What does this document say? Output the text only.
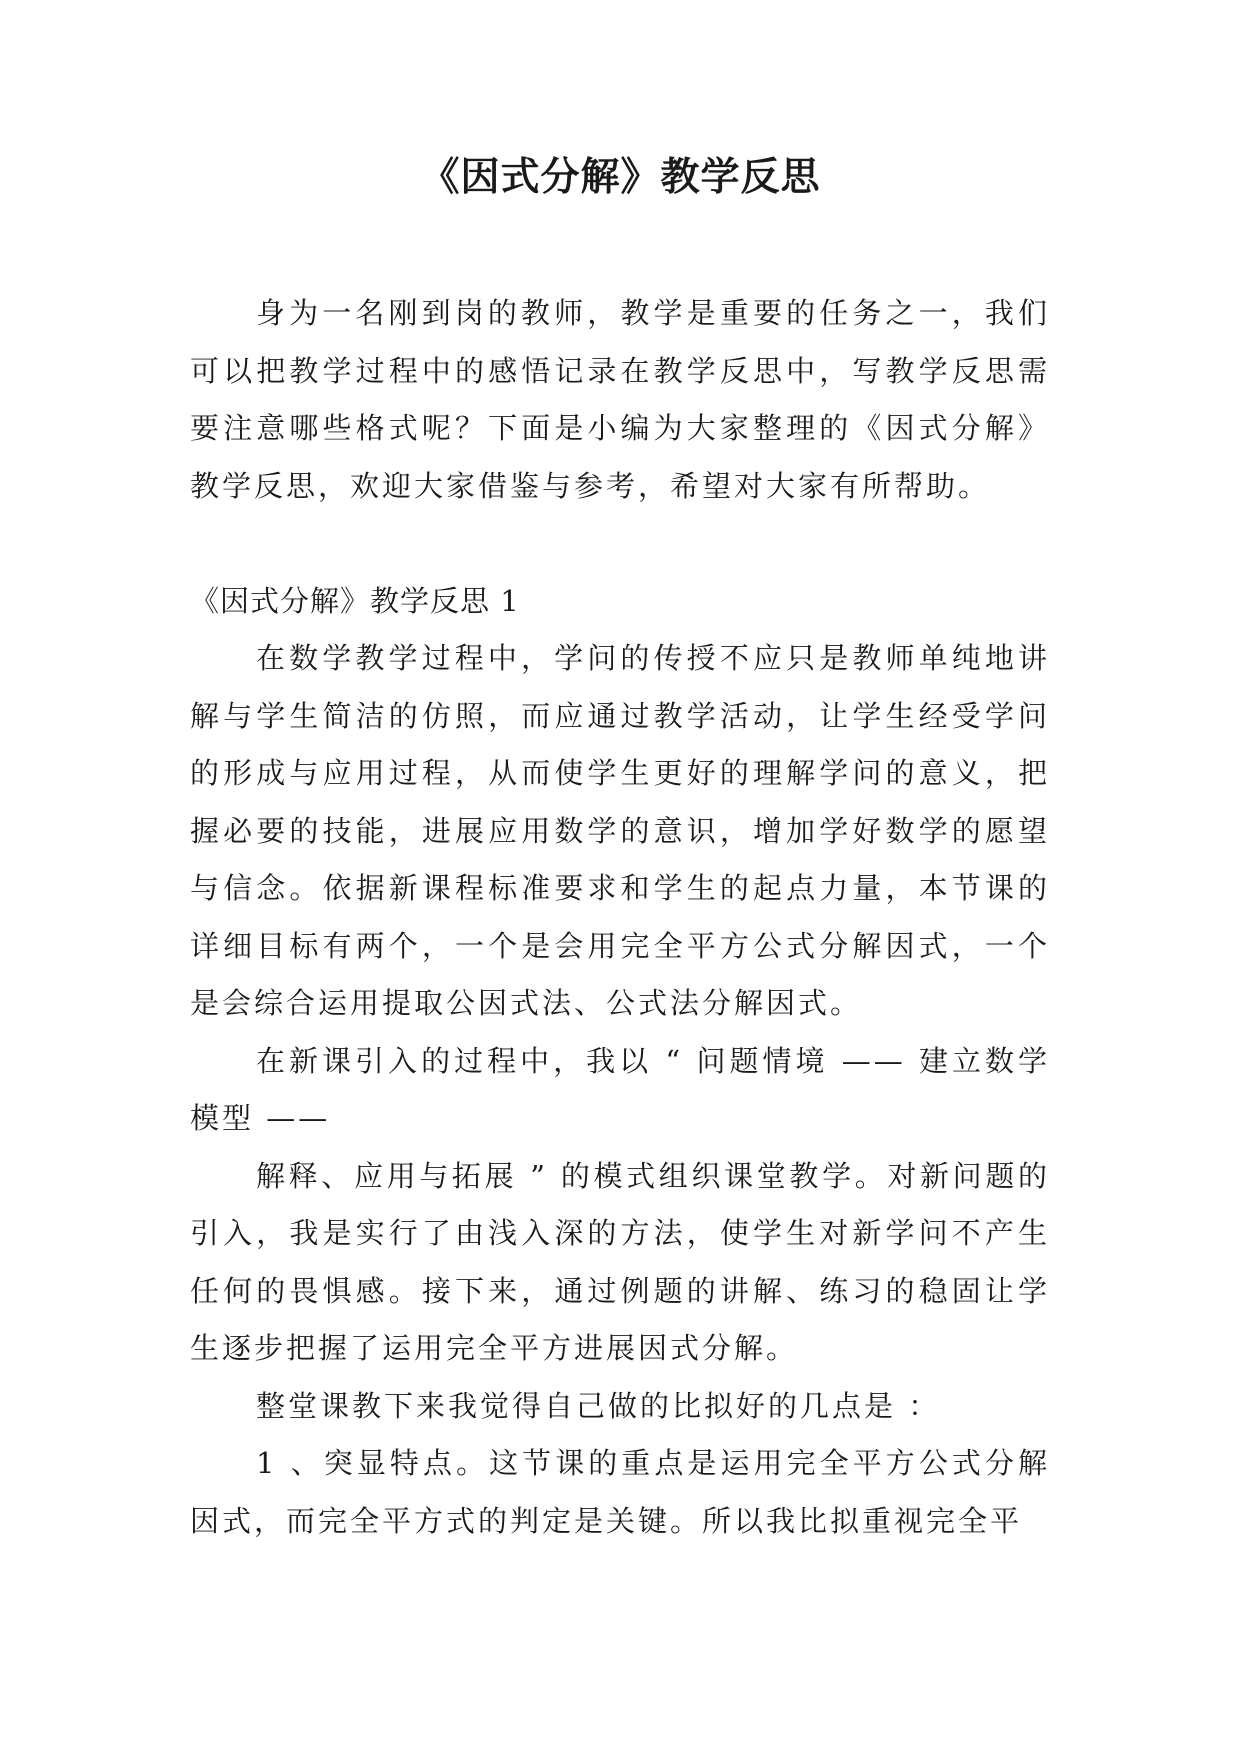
《因式分解》教学反思

身为一名刚到岗的教师，教学是重要的任务之一，我们可以把教学过程中的感悟记录在教学反思中，写教学反思需要注意哪些格式呢？下面是小编为大家整理的《因式分解》教学反思，欢迎大家借鉴与参考，希望对大家有所帮助。

《因式分解》教学反思 1

在数学教学过程中，学问的传授不应只是教师单纯地讲解与学生简洁的仿照，而应通过教学活动，让学生经受学问的形成与应用过程，从而使学生更好的理解学问的意义，把握必要的技能，进展应用数学的意识，增加学好数学的愿望与信念。依据新课程标准要求和学生的起点力量，本节课的详细目标有两个，一个是会用完全平方公式分解因式，一个是会综合运用提取公因式法、公式法分解因式。

在新课引入的过程中，我以 “ 问题情境 —— 建立数学模型 ——

解释、应用与拓展 ” 的模式组织课堂教学。对新问题的引入，我是实行了由浅入深的方法，使学生对新学问不产生任何的畏惧感。接下来，通过例题的讲解、练习的稳固让学生逐步把握了运用完全平方进展因式分解。

整堂课教下来我觉得自己做的比拟好的几点是 ：

1 、突显特点。这节课的重点是运用完全平方公式分解因式，而完全平方式的判定是关键。所以我比拟重视完全平
